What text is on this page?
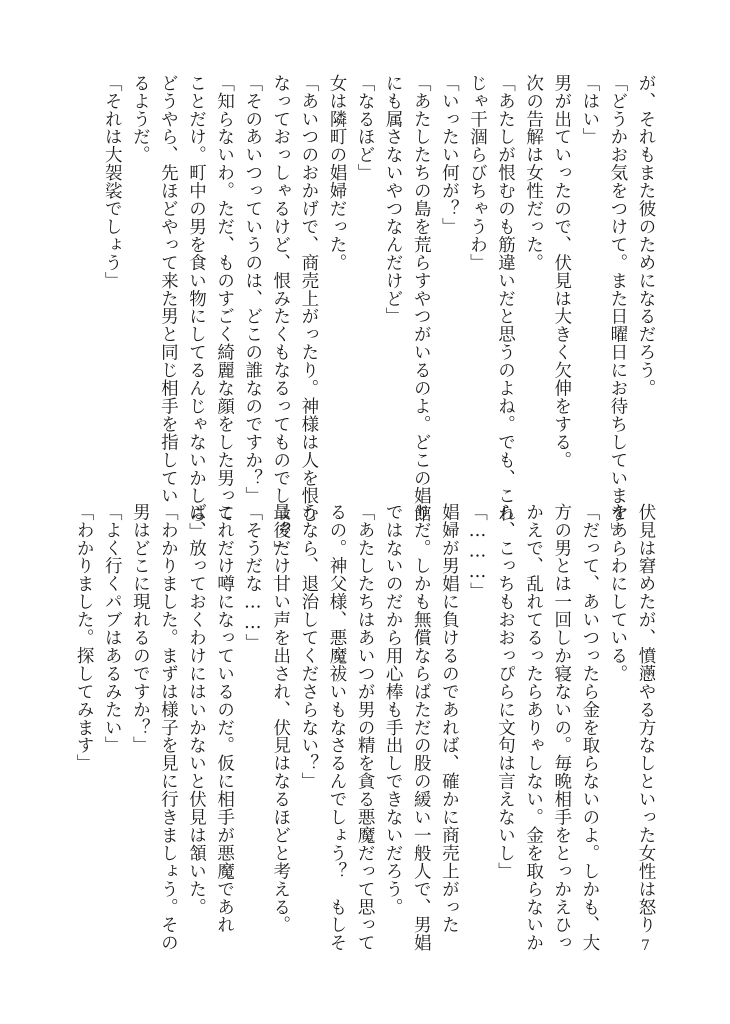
が、それもまた彼のためになるだろう。
「どうかお気をつけて。また日曜日にお待ちしています」
「はい」
男が出ていったので、伏見は大きく欠伸をする。
次の告解は女性だった。
「あたしが恨むのも筋違いだと思うのよね。でも、これ
じゃ干涸らびちゃうわ」
「いったい何が？」
「あたしたちの島を荒らすやつがいるのよ。どこの娼館
にも属さないやつなんだけど」
「なるほど」
女は隣町の娼婦だった。
「あいつのおかげで、商売上がったり。神様は人を恨む
なっておっしゃるけど、恨みたくもなるってものでしょ？」
「そのあいつっていうのは、どこの誰なのですか？」
「知らないわ。ただ、ものすごく綺麗な顔をした男って
ことだけ。町中の男を食い物にしてるんじゃないかしら」
どうやら、先ほどやって来た男と同じ相手を指してい
るようだ。
「それは大袈裟でしょう」
伏見は窘めたが、憤懣やる方なしといった女性は怒り
をあらわにしている。
「だって、あいつったら金を取らないのよ。しかも、大
方の男とは一回しか寝ないの。毎晩相手をとっかえひっ
かえで、乱れてるったらありゃしない。金を取らないか
ら、こっちもおおっぴらに文句は言えないし」
「………」
娼婦が男娼に負けるのであれば、確かに商売上がった
りだ。しかも無償ならばただの股の緩い一般人で、男娼
ではないのだから用心棒も手出しできないだろう。
「あたしたちはあいつが男の精を貪る悪魔だって思って
るの。神父様、悪魔祓いもなさるんでしょう？　もしそ
うなら、退治してくださらない？」
最後だけ甘い声を出され、伏見はなるほどと考える。
「そうだな……」
これだけ噂になっているのだ。仮に相手が悪魔であれ
ば、放っておくわけにはいかないと伏見は頷いた。
「わかりました。まずは様子を見に行きましょう。その
男はどこに現れるのですか？」
「よく行くパブはあるみたい」
「わかりました。探してみます」
7
